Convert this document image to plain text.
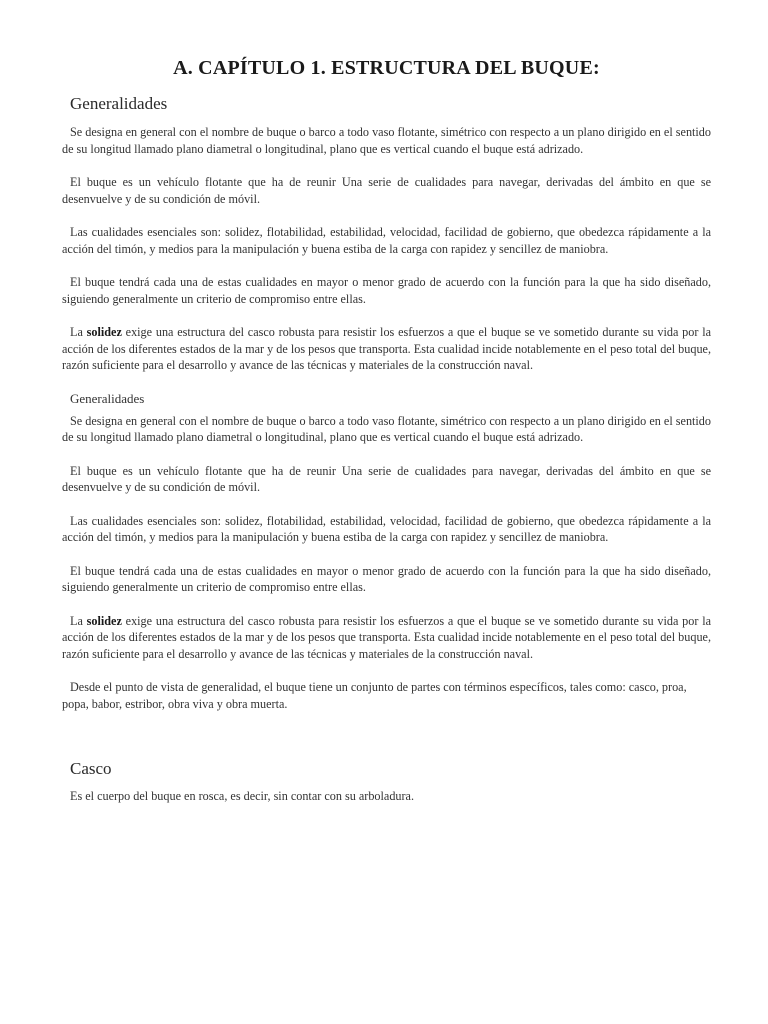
A. CAPÍTULO 1. ESTRUCTURA DEL BUQUE:
Generalidades

Se designa en general con el nombre de buque o barco a todo vaso flotante, simétrico con respecto a un plano dirigido en el sentido de su longitud llamado plano diametral o longitudinal, plano que es vertical cuando el buque está adrizado.

El buque es un vehículo flotante que ha de reunir Una serie de cualidades para navegar, derivadas del ámbito en que se desenvuelve y de su condición de móvil.

Las cualidades esenciales son: solidez, flotabilidad, estabilidad, velocidad, facilidad de gobierno, que obedezca rápidamente a la acción del timón, y medios para la manipulación y buena estiba de la carga con rapidez y sencillez de maniobra.

El buque tendrá cada una de estas cualidades en mayor o menor grado de acuerdo con la función para la que ha sido diseñado, siguiendo generalmente un criterio de compromiso entre ellas.

La solidez exige una estructura del casco robusta para resistir los esfuerzos a que el buque se ve sometido durante su vida por la acción de los diferentes estados de la mar y de los pesos que transporta. Esta cualidad incide notablemente en el peso total del buque, razón suficiente para el desarrollo y avance de las técnicas y materiales de la construcción naval.

Generalidades

Se designa en general con el nombre de buque o barco a todo vaso flotante, simétrico con respecto a un plano dirigido en el sentido de su longitud llamado plano diametral o longitudinal, plano que es vertical cuando el buque está adrizado.

El buque es un vehículo flotante que ha de reunir Una serie de cualidades para navegar, derivadas del ámbito en que se desenvuelve y de su condición de móvil.

Las cualidades esenciales son: solidez, flotabilidad, estabilidad, velocidad, facilidad de gobierno, que obedezca rápidamente a la acción del timón, y medios para la manipulación y buena estiba de la carga con rapidez y sencillez de maniobra.

El buque tendrá cada una de estas cualidades en mayor o menor grado de acuerdo con la función para la que ha sido diseñado, siguiendo generalmente un criterio de compromiso entre ellas.

La solidez exige una estructura del casco robusta para resistir los esfuerzos a que el buque se ve sometido durante su vida por la acción de los diferentes estados de la mar y de los pesos que transporta. Esta cualidad incide notablemente en el peso total del buque, razón suficiente para el desarrollo y avance de las técnicas y materiales de la construcción naval.

Desde el punto de vista de generalidad, el buque tiene un conjunto de partes con términos específicos, tales como: casco, proa, popa, babor, estribor, obra viva y obra muerta.

Casco

Es el cuerpo del buque en rosca, es decir, sin contar con su arboladura.
